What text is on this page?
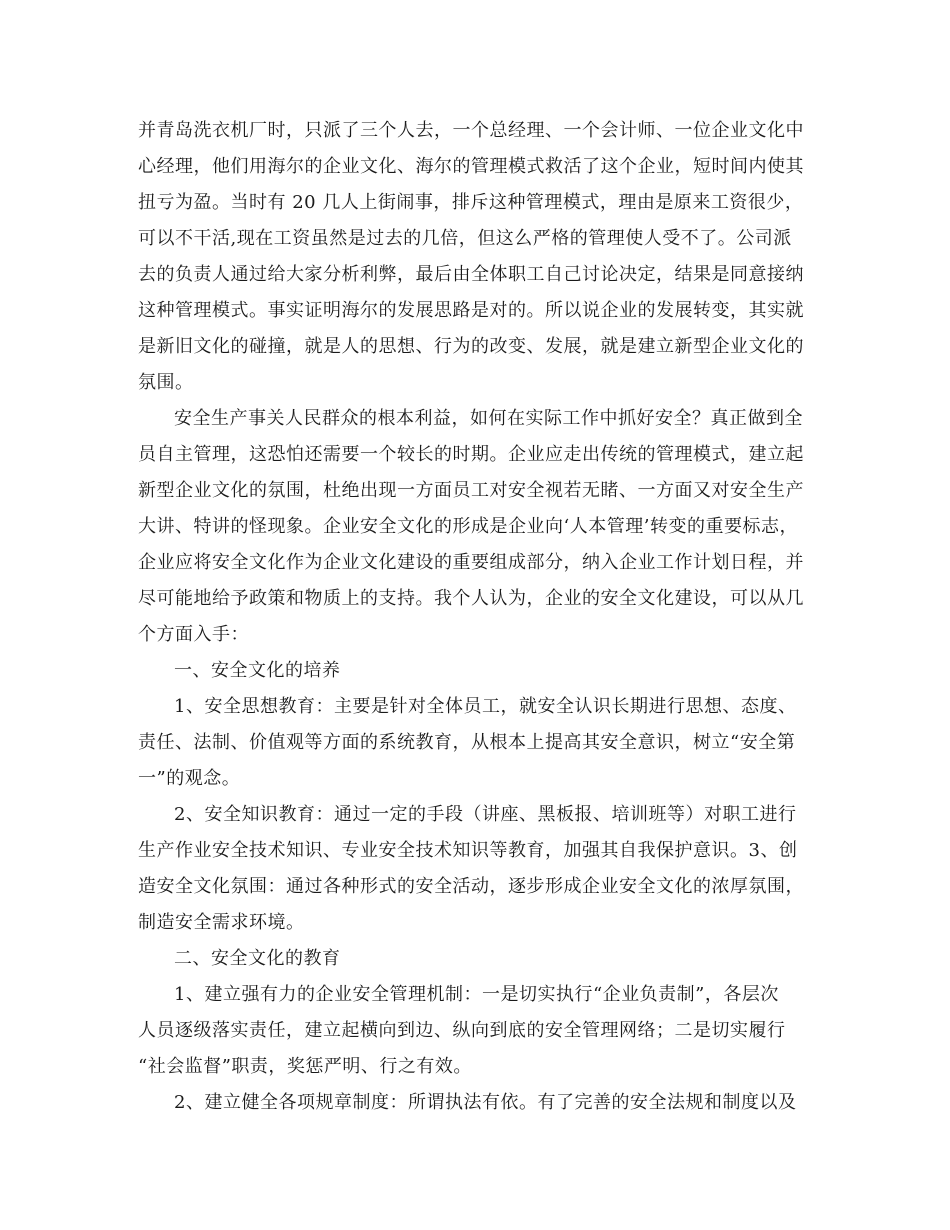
并青岛洗衣机厂时，只派了三个人去，一个总经理、一个会计师、一位企业文化中
心经理，他们用海尔的企业文化、海尔的管理模式救活了这个企业，短时间内使其
扭亏为盈。当时有 20 几人上街闹事，排斥这种管理模式，理由是原来工资很少，
可以不干活,现在工资虽然是过去的几倍，但这么严格的管理使人受不了。公司派
去的负责人通过给大家分析利弊，最后由全体职工自己讨论决定，结果是同意接纳
这种管理模式。事实证明海尔的发展思路是对的。所以说企业的发展转变，其实就
是新旧文化的碰撞，就是人的思想、行为的改变、发展，就是建立新型企业文化的
氛围。
安全生产事关人民群众的根本利益，如何在实际工作中抓好安全？真正做到全
员自主管理，这恐怕还需要一个较长的时期。企业应走出传统的管理模式，建立起
新型企业文化的氛围，杜绝出现一方面员工对安全视若无睹、一方面又对安全生产
大讲、特讲的怪现象。企业安全文化的形成是企业向‘人本管理’转变的重要标志，
企业应将安全文化作为企业文化建设的重要组成部分，纳入企业工作计划日程，并
尽可能地给予政策和物质上的支持。我个人认为，企业的安全文化建设，可以从几
个方面入手：
一、安全文化的培养
1、安全思想教育：主要是针对全体员工，就安全认识长期进行思想、态度、
责任、法制、价值观等方面的系统教育，从根本上提高其安全意识，树立“安全第
一”的观念。
2、安全知识教育：通过一定的手段（讲座、黑板报、培训班等）对职工进行
生产作业安全技术知识、专业安全技术知识等教育，加强其自我保护意识。3、创
造安全文化氛围：通过各种形式的安全活动，逐步形成企业安全文化的浓厚氛围，
制造安全需求环境。
二、安全文化的教育
1、建立强有力的企业安全管理机制：一是切实执行“企业负责制”，各层次
人员逐级落实责任，建立起横向到边、纵向到底的安全管理网络；二是切实履行
“社会监督”职责，奖惩严明、行之有效。
2、建立健全各项规章制度：所谓执法有依。有了完善的安全法规和制度以及
